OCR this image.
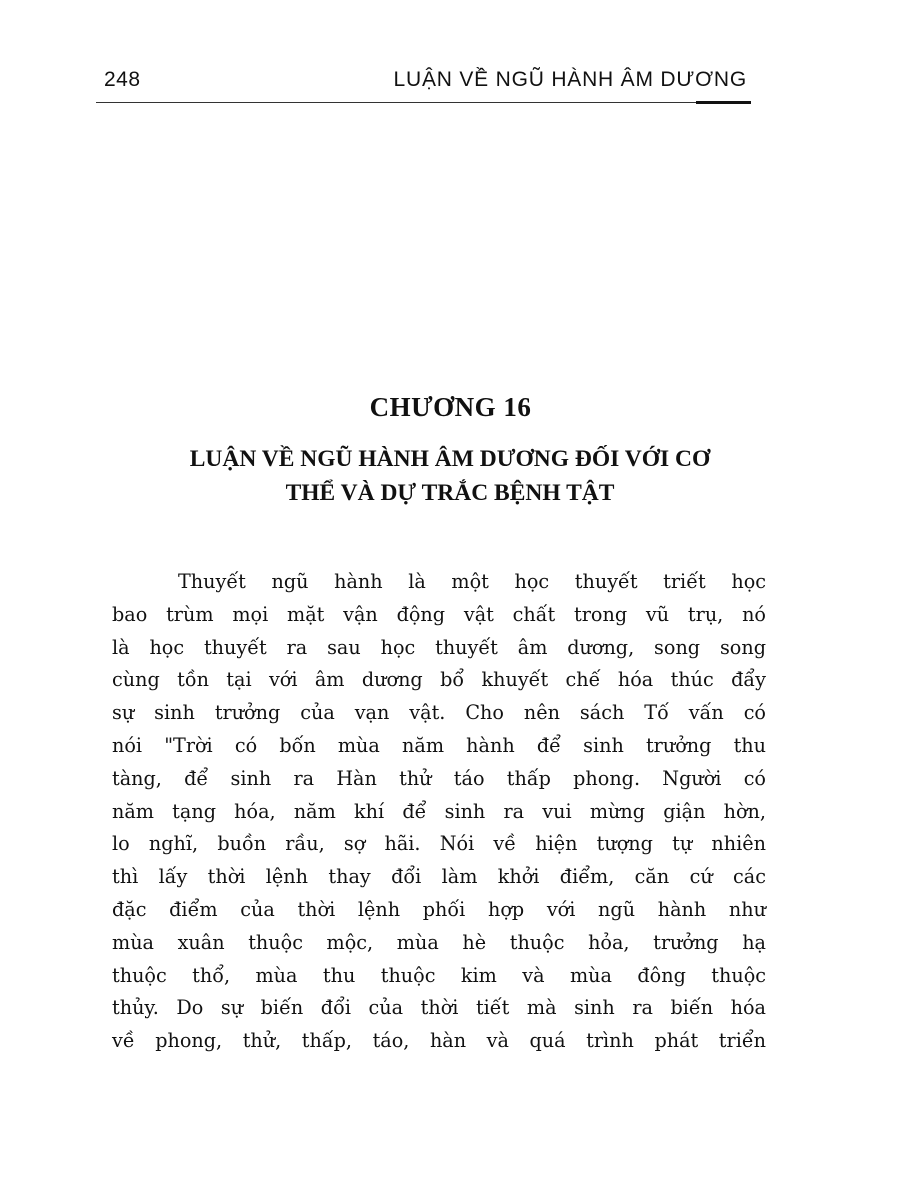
248	LUẬN VỀ NGŨ HÀNH ÂM DƯƠNG
CHƯƠNG 16
LUẬN VỀ NGŨ HÀNH ÂM DƯƠNG ĐỐI VỚI CƠ
THỂ VÀ DỰ TRẮC BỆNH TẬT
Thuyết ngũ hành là một học thuyết triết học
bao trùm mọi mặt vận động vật chất trong vũ trụ, nó
là học thuyết ra sau học thuyết âm dương, song song
cùng tồn tại với âm dương bổ khuyết chế hóa thúc đẩy
sự sinh trưởng của vạn vật. Cho nên sách Tố vấn có
nói "Trời có bốn mùa năm hành để sinh trưởng thu
tàng, để sinh ra Hàn thử táo thấp phong. Người có
năm tạng hóa, năm khí để sinh ra vui mừng giận hờn,
lo nghĩ, buồn rầu, sợ hãi. Nói về hiện tượng tự nhiên
thì lấy thời lệnh thay đổi làm khởi điểm, căn cứ các
đặc điểm của thời lệnh phối hợp với ngũ hành như
mùa xuân thuộc mộc, mùa hè thuộc hỏa, trưởng hạ
thuộc thổ, mùa thu thuộc kim và mùa đông thuộc
thủy. Do sự biến đổi của thời tiết mà sinh ra biến hóa
về phong, thử, thấp, táo, hàn và quá trình phát triển
